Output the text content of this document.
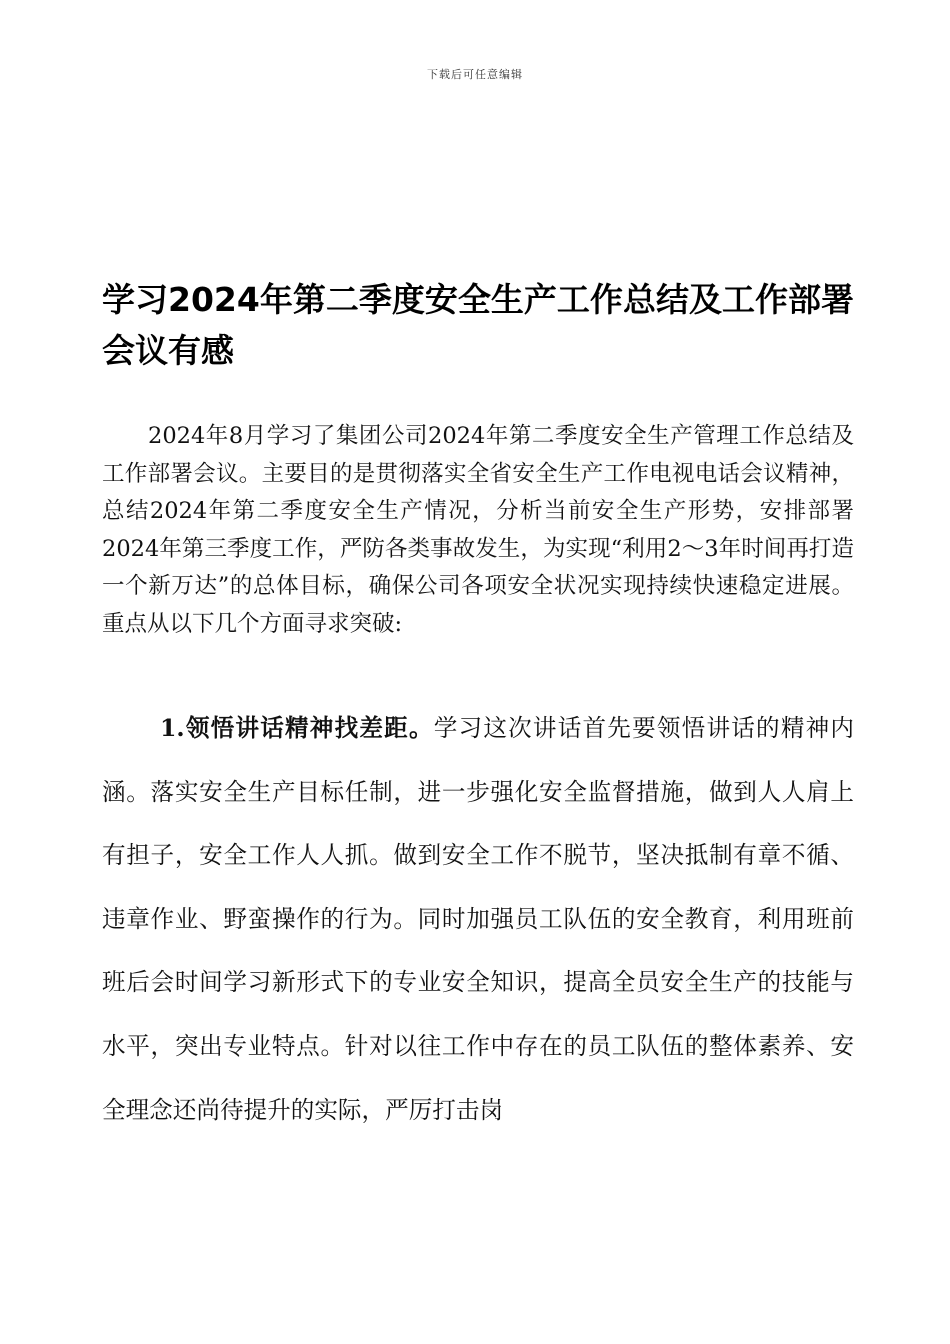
下载后可任意编辑
学习2024年第二季度安全生产工作总结及工作部署会议有感

2024年8月学习了集团公司2024年第二季度安全生产管理工作总结及工作部署会议。主要目的是贯彻落实全省安全生产工作电视电话会议精神，总结2024年第二季度安全生产情况，分析当前安全生产形势，安排部署2024年第三季度工作，严防各类事故发生，为实现“利用2～3年时间再打造一个新万达”的总体目标，确保公司各项安全状况实现持续快速稳定进展。重点从以下几个方面寻求突破:

1.领悟讲话精神找差距。学习这次讲话首先要领悟讲话的精神内涵。落实安全生产目标任制，进一步强化安全监督措施，做到人人肩上有担子，安全工作人人抓。做到安全工作不脱节，坚决抵制有章不循、违章作业、野蛮操作的行为。同时加强员工队伍的安全教育，利用班前班后会时间学习新形式下的专业安全知识，提高全员安全生产的技能与水平，突出专业特点。针对以往工作中存在的员工队伍的整体素养、安全理念还尚待提升的实际，严厉打击岗
